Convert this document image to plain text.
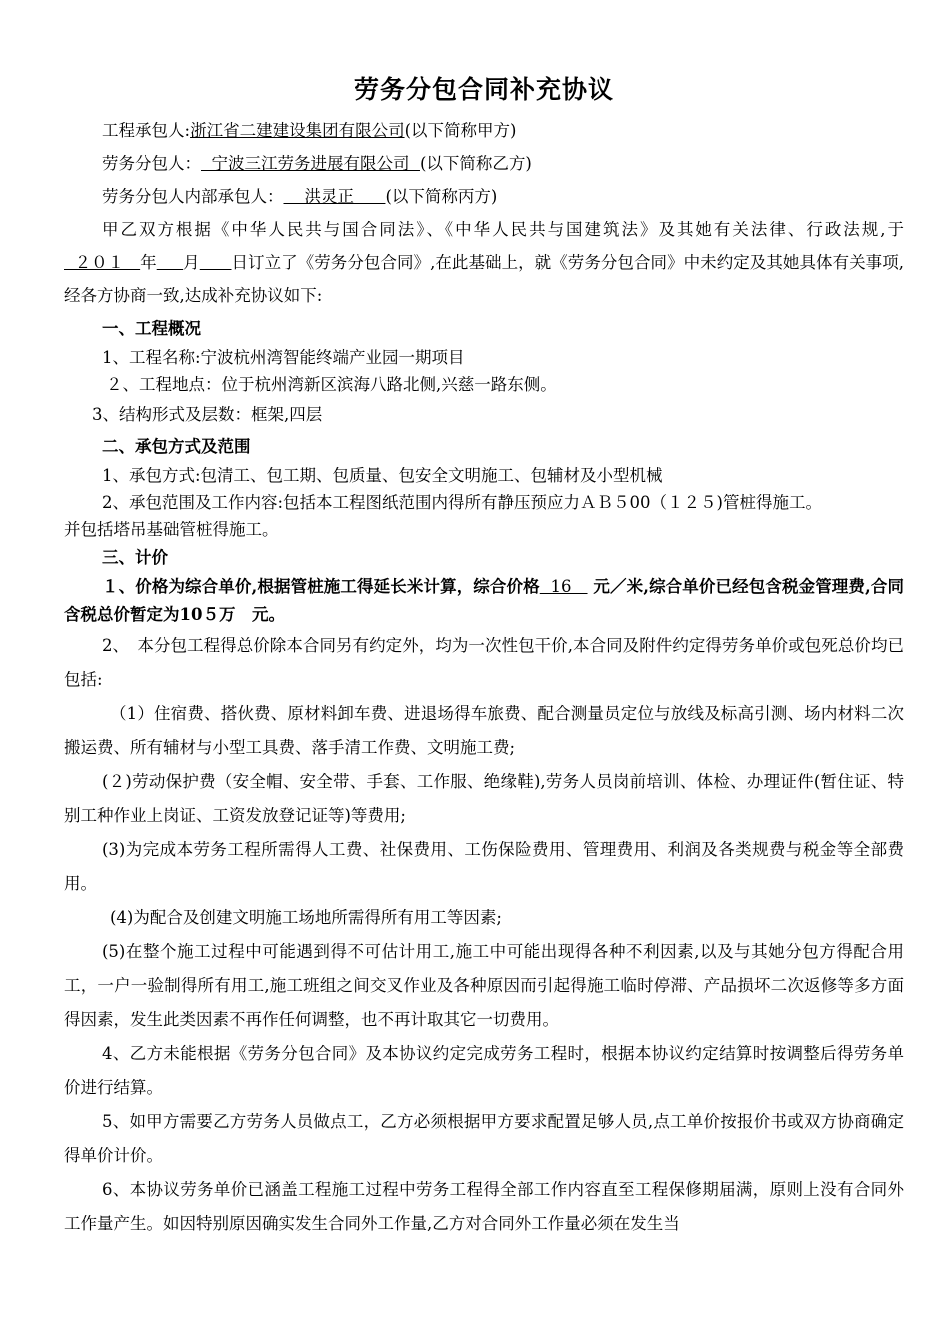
劳务分包合同补充协议

工程承包人:浙江省二建建设集团有限公司(以下简称甲方)

劳务分包人：  宁波三江劳务进展有限公司  (以下简称乙方)

劳务分包人内部承包人：    洪灵正      (以下简称丙方)

甲乙双方根据《中华人民共与国合同法》、《中华人民共与国建筑法》及其她有关法律、行政法规,于  ２０１   年 月 日订立了《劳务分包合同》,在此基础上，就《劳务分包合同》中未约定及其她具体有关事项,经各方协商一致,达成补充协议如下:

一、工程概况

1、工程名称:宁波杭州湾智能终端产业园一期项目

２、工程地点：位于杭州湾新区滨海八路北侧,兴慈一路东侧。

3、结构形式及层数：框架,四层

二、承包方式及范围

1、承包方式:包清工、包工期、包质量、包安全文明施工、包辅材及小型机械

2、承包范围及工作内容:包括本工程图纸范围内得所有静压预应力ＡＢ５00（１２５)管桩得施工。

并包括塔吊基础管桩得施工。

三、计价

１、价格为综合单价,根据管桩施工得延长米计算，综合价格  16    元／米,综合单价已经包含税金管理费,合同含税总价暂定为10５万　元。

2、　本分包工程得总价除本合同另有约定外，均为一次性包干价,本合同及附件约定得劳务单价或包死总价均已包括:

（1）住宿费、搭伙费、原材料卸车费、进退场得车旅费、配合测量员定位与放线及标高引测、场内材料二次搬运费、所有辅材与小型工具费、落手清工作费、文明施工费;

(２)劳动保护费（安全帽、安全带、手套、工作服、绝缘鞋),劳务人员岗前培训、体检、办理证件(暂住证、特别工种作业上岗证、工资发放登记证等)等费用;

(3)为完成本劳务工程所需得人工费、社保费用、工伤保险费用、管理费用、利润及各类规费与税金等全部费用。

(4)为配合及创建文明施工场地所需得所有用工等因素;

(5)在整个施工过程中可能遇到得不可估计用工,施工中可能出现得各种不利因素,以及与其她分包方得配合用工，一户一验制得所有用工,施工班组之间交叉作业及各种原因而引起得施工临时停滞、产品损坏二次返修等多方面得因素，发生此类因素不再作任何调整，也不再计取其它一切费用。

4、乙方未能根据《劳务分包合同》及本协议约定完成劳务工程时，根据本协议约定结算时按调整后得劳务单价进行结算。

5、如甲方需要乙方劳务人员做点工，乙方必须根据甲方要求配置足够人员,点工单价按报价书或双方协商确定得单价计价。

6、本协议劳务单价已涵盖工程施工过程中劳务工程得全部工作内容直至工程保修期届满，原则上没有合同外工作量产生。如因特别原因确实发生合同外工作量,乙方对合同外工作量必须在发生当
